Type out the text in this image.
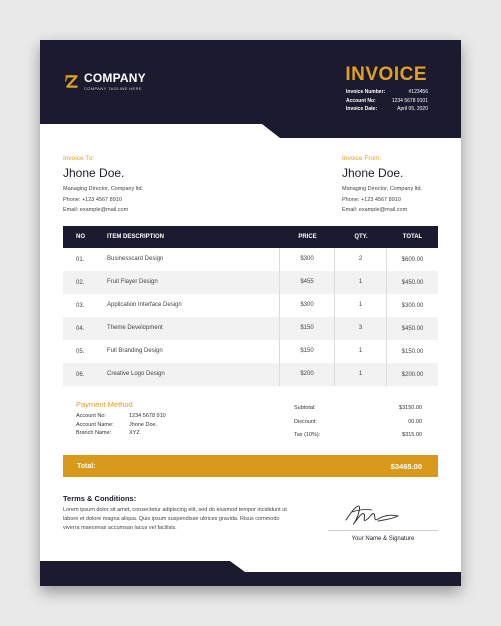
COMPANY
COMPANY TAGLINE HERE
INVOICE
Invoice Number:	#123456
Account No:	1234 5678 9101
Invoice Date:	April 05, 2020
Invoice To:
Jhone Doe.
Managing Director, Company ltd.
Phone: +123 4567 8910
Email: example@mail.com
Invoice From:
Jhone Doe.
Managing Director, Company ltd.
Phone: +123 4567 8910
Email: example@mail.com
NO	ITEM DESCRIPTION	PRICE	QTY.	TOTAL
01.	Businesscard Design	$300	2	$600.00
02.	Fruit Flayer Design	$455	1	$450.00
03.	Application Interface Design	$300	1	$300.00
04.	Theme Development	$150	3	$450.00
05.	Full Branding Design	$150	1	$150.00
06.	Creative Logo Design	$200	1	$200.00
Payment Method
Account No:	1234 5678 910
Account Name:	Jhone Doe.
Branch Name:	XYZ
Subtotal:	$3150.00
Discount:	00.00
Tax (10%):	$315.00
Total:	$3465.00
Terms & Conditions:
Lorem ipsum dolor sit amet, consectetur adipiscing elit, sed do eiusmod tempor incididunt ut labore et dolore magna aliqua. Quis ipsum suspendisse ultrices gravida. Risus commodo viverra maecenas accumsan lacus vel facilisis.
Your Name & Signature
